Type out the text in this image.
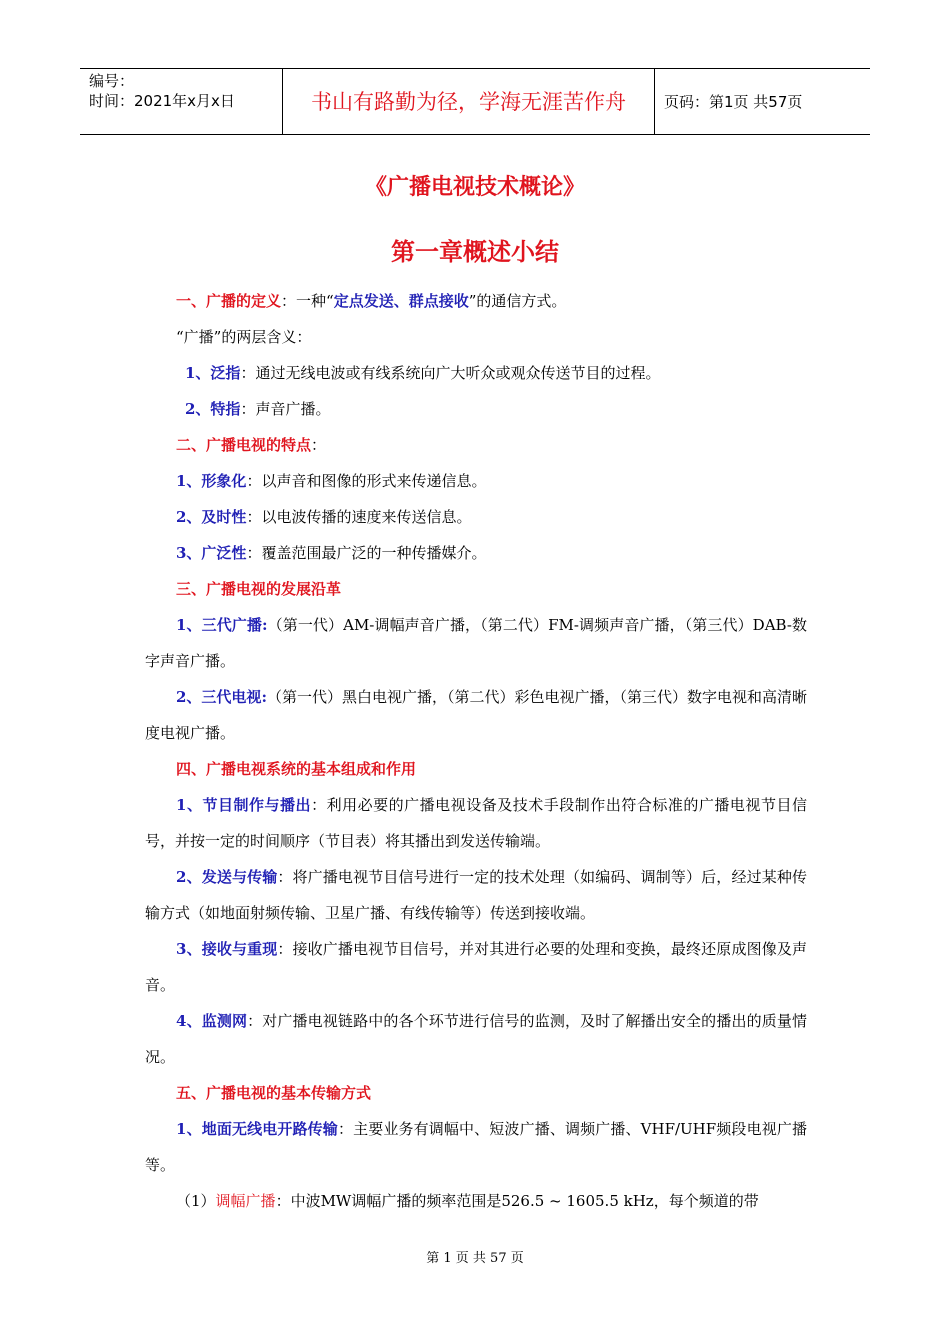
编号：
时间：2021年x月x日	书山有路勤为径，学海无涯苦作舟	页码：第1页 共57页
《广播电视技术概论》
第一章概述小结

一、广播的定义：一种“定点发送、群点接收”的通信方式。

“广播”的两层含义：

1、泛指：通过无线电波或有线系统向广大听众或观众传送节目的过程。

2、特指：声音广播。

二、广播电视的特点：

1、形象化：以声音和图像的形式来传递信息。

2、及时性：以电波传播的速度来传送信息。

3、广泛性：覆盖范围最广泛的一种传播媒介。

三、广播电视的发展沿革

1、三代广播:（第一代）AM-调幅声音广播，（第二代）FM-调频声音广播，（第三代）DAB-数字声音广播。

2、三代电视:（第一代）黑白电视广播，（第二代）彩色电视广播，（第三代）数字电视和高清晰度电视广播。

四、广播电视系统的基本组成和作用

1、节目制作与播出：利用必要的广播电视设备及技术手段制作出符合标准的广播电视节目信号，并按一定的时间顺序（节目表）将其播出到发送传输端。

2、发送与传输：将广播电视节目信号进行一定的技术处理（如编码、调制等）后，经过某种传输方式（如地面射频传输、卫星广播、有线传输等）传送到接收端。

3、接收与重现：接收广播电视节目信号，并对其进行必要的处理和变换，最终还原成图像及声音。

4、监测网：对广播电视链路中的各个环节进行信号的监测，及时了解播出安全的播出的质量情况。

五、广播电视的基本传输方式

1、地面无线电开路传输：主要业务有调幅中、短波广播、调频广播、VHF/UHF频段电视广播等。

（1）调幅广播：中波MW调幅广播的频率范围是526.5 ~ 1605.5 kHz，每个频道的带

第 1 页 共 57 页
